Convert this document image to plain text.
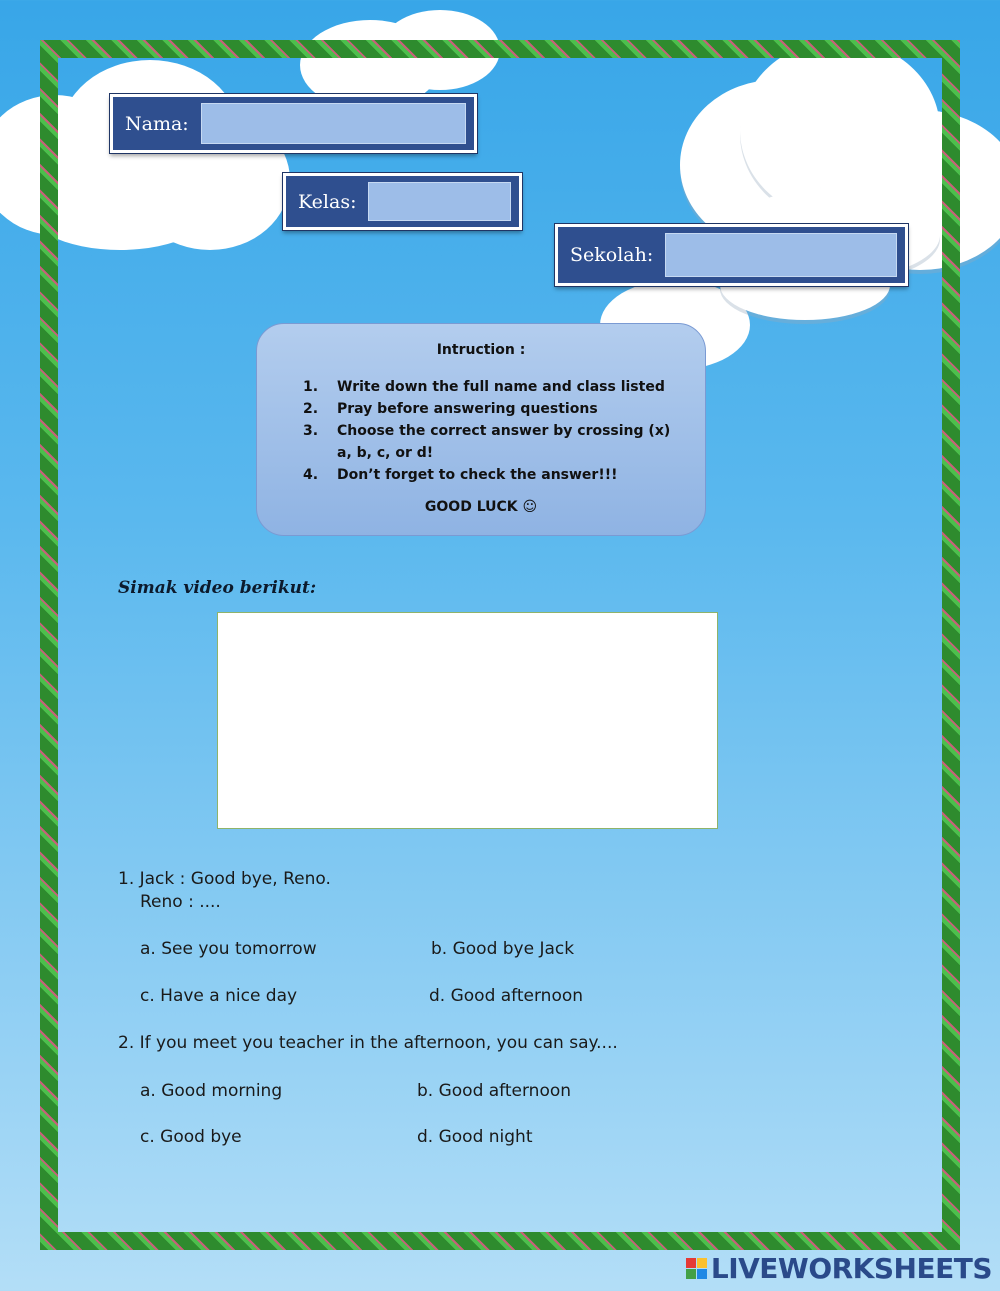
Nama:
Kelas:
Sekolah:
Intruction :
1.	Write down the full name and class listed
2.	Pray before answering questions
3.	Choose the correct answer by crossing (x) a, b, c, or d!
4.	Don’t forget to check the answer!!!
GOOD LUCK ☺
Simak video berikut:
1. Jack : Good bye, Reno.
Reno : ....
a. See you tomorrow	b. Good bye Jack
c. Have a nice day	d. Good afternoon
2. If you meet you teacher in the afternoon, you can say....
a. Good morning	b. Good afternoon
c. Good bye	d. Good night
LIVEWORKSHEETS
